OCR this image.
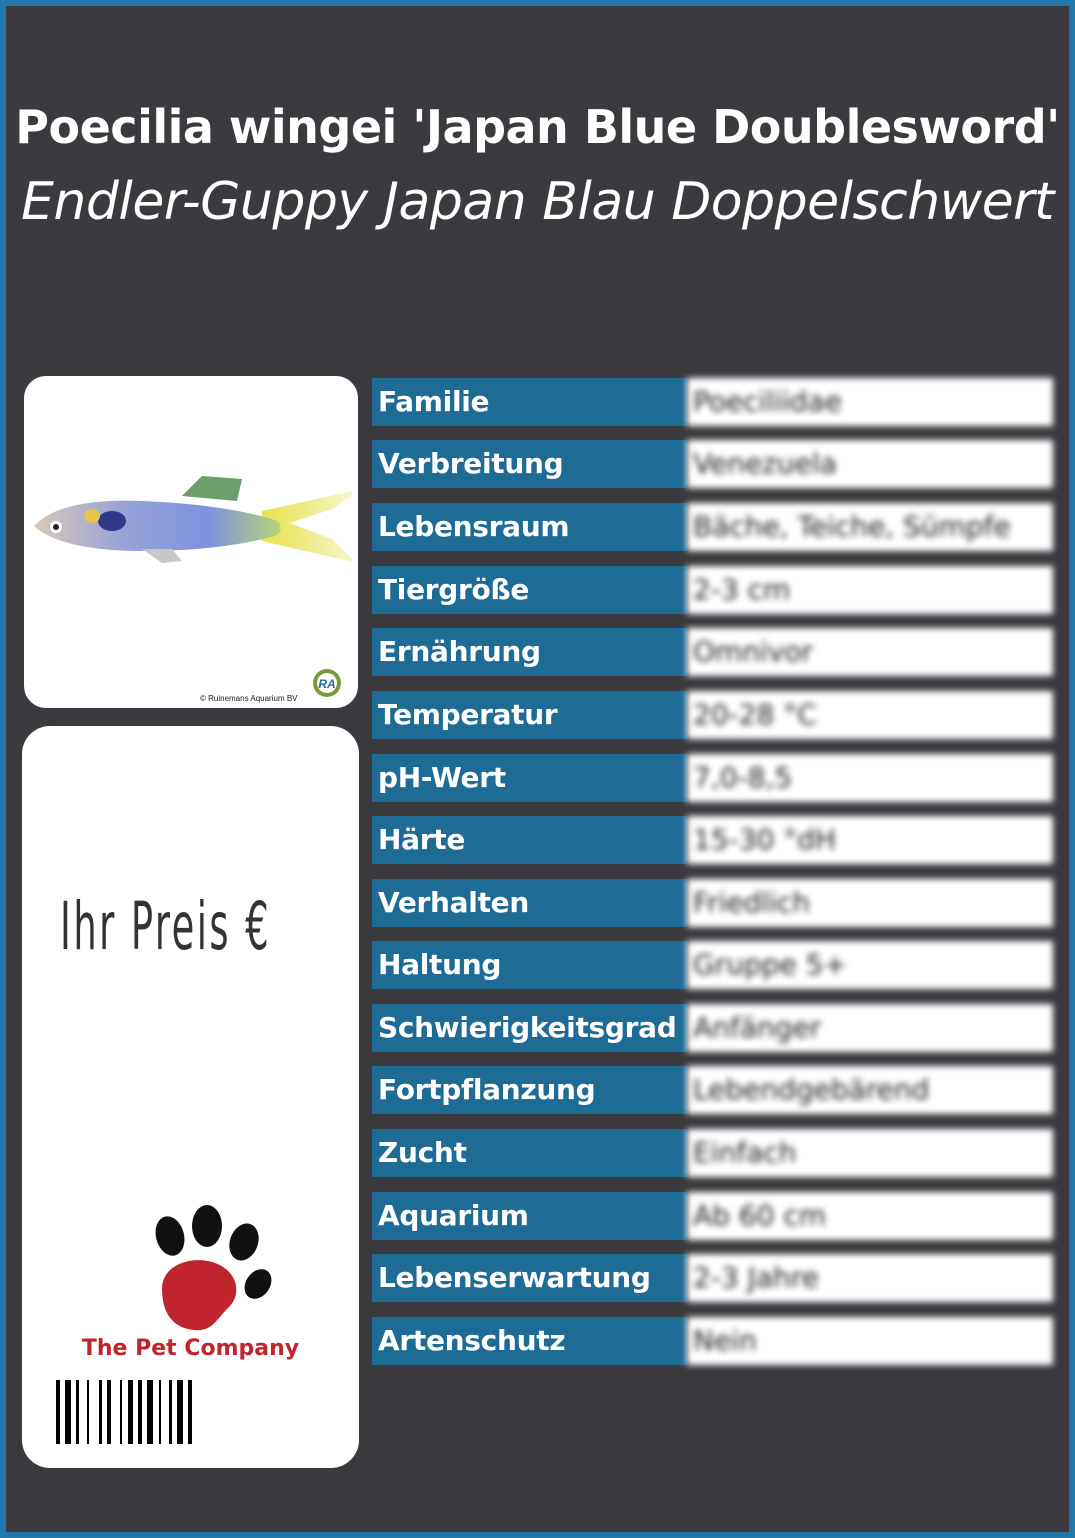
Poecilia wingei 'Japan Blue Doublesword'
Endler-Guppy Japan Blau Doppelschwert
© Ruinemans Aquarium BV
RA
Ihr Preis €
The Pet Company
Familie	Poeciliidae
Verbreitung	Venezuela
Lebensraum	Bäche, Teiche, Sümpfe
Tiergröße	2-3 cm
Ernährung	Omnivor
Temperatur	20-28 °C
pH-Wert	7,0-8,5
Härte	15-30 °dH
Verhalten	Friedlich
Haltung	Gruppe 5+
Schwierigkeitsgrad Anfänger
Fortpflanzung	Lebendgebärend
Zucht	Einfach
Aquarium	Ab 60 cm
Lebenserwartung	2-3 Jahre
Artenschutz	Nein
